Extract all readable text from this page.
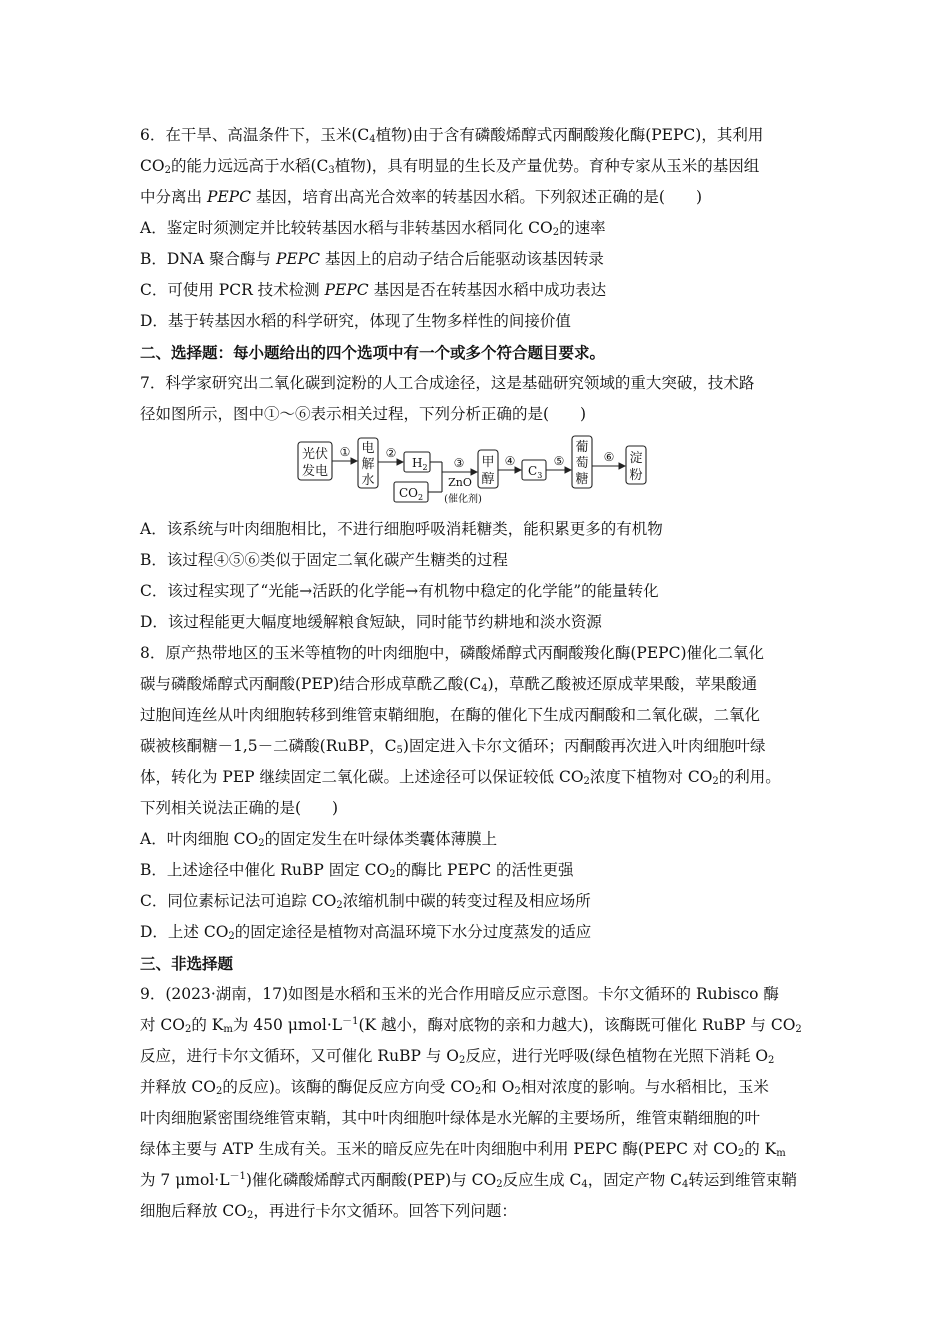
6．在干旱、高温条件下，玉米($C_4$植物)由于含有磷酸烯醇式丙酮酸羧化酶(PEPC)，其利用
$CO_2$的能力远远高于水稻($C_3$植物)，具有明显的生长及产量优势。育种专家从玉米的基因组
中分离出 PEPC 基因，培育出高光合效率的转基因水稻。下列叙述正确的是(　　)
A．鉴定时须测定并比较转基因水稻与非转基因水稻同化 $CO_2$的速率
B．DNA 聚合酶与 PEPC 基因上的启动子结合后能驱动该基因转录
C．可使用 PCR 技术检测 PEPC 基因是否在转基因水稻中成功表达
D．基于转基因水稻的科学研究，体现了生物多样性的间接价值
二、选择题：每小题给出的四个选项中有一个或多个符合题目要求。
7．科学家研究出二氧化碳到淀粉的人工合成途径，这是基础研究领域的重大突破，技术路
径如图所示，图中①～⑥表示相关过程，下列分析正确的是(　　)
光伏
发电
① 电
解
水
②
$H_2$
$CO_2$
③
ZnO
(催化剂)
甲
醇
④
$C_3$
⑤
葡
萄
糖
⑥ 淀
粉
A．该系统与叶肉细胞相比，不进行细胞呼吸消耗糖类，能积累更多的有机物
B．该过程④⑤⑥类似于固定二氧化碳产生糖类的过程
C．该过程实现了“光能→活跃的化学能→有机物中稳定的化学能”的能量转化
D．该过程能更大幅度地缓解粮食短缺，同时能节约耕地和淡水资源
8．原产热带地区的玉米等植物的叶肉细胞中，磷酸烯醇式丙酮酸羧化酶(PEPC)催化二氧化
碳与磷酸烯醇式丙酮酸(PEP)结合形成草酰乙酸$(C_4)$，草酰乙酸被还原成苹果酸，苹果酸通
过胞间连丝从叶肉细胞转移到维管束鞘细胞，在酶的催化下生成丙酮酸和二氧化碳，二氧化
碳被核酮糖－1,5－二磷酸(RuBP，$C_5$)固定进入卡尔文循环；丙酮酸再次进入叶肉细胞叶绿
体，转化为 PEP 继续固定二氧化碳。上述途径可以保证较低 $CO_2$浓度下植物对 $CO_2$的利用。
下列相关说法正确的是(　　)
A．叶肉细胞 $CO_2$的固定发生在叶绿体类囊体薄膜上
B．上述途径中催化 RuBP 固定 $CO_2$的酶比 PEPC 的活性更强
C．同位素标记法可追踪 $CO_2$浓缩机制中碳的转变过程及相应场所
D．上述 $CO_2$的固定途径是植物对高温环境下水分过度蒸发的适应
三、非选择题
9．(2023·湖南，17)如图是水稻和玉米的光合作用暗反应示意图。卡尔文循环的 Rubisco 酶
对 $CO_2$的 $K_m$为 450 $\mu mol\cdot L^{-1}(K$ 越小，酶对底物的亲和力越大)，该酶既可催化 RuBP 与 $CO_2$
反应，进行卡尔文循环，又可催化 RuBP 与 $O_2$反应，进行光呼吸(绿色植物在光照下消耗 $O_2$
并释放 $CO_2$的反应)。该酶的酶促反应方向受 $CO_2$和 $O_2$相对浓度的影响。与水稻相比，玉米
叶肉细胞紧密围绕维管束鞘，其中叶肉细胞叶绿体是水光解的主要场所，维管束鞘细胞的叶
绿体主要与 ATP 生成有关。玉米的暗反应先在叶肉细胞中利用 PEPC 酶(PEPC 对 $CO_2$的 $K_m$
为 7 $\mu mol\cdot L^{-1}$)催化磷酸烯醇式丙酮酸(PEP)与 $CO_2$反应生成 $C_4$，固定产物 $C_4$转运到维管束鞘
细胞后释放 $CO_2$，再进行卡尔文循环。回答下列问题：
